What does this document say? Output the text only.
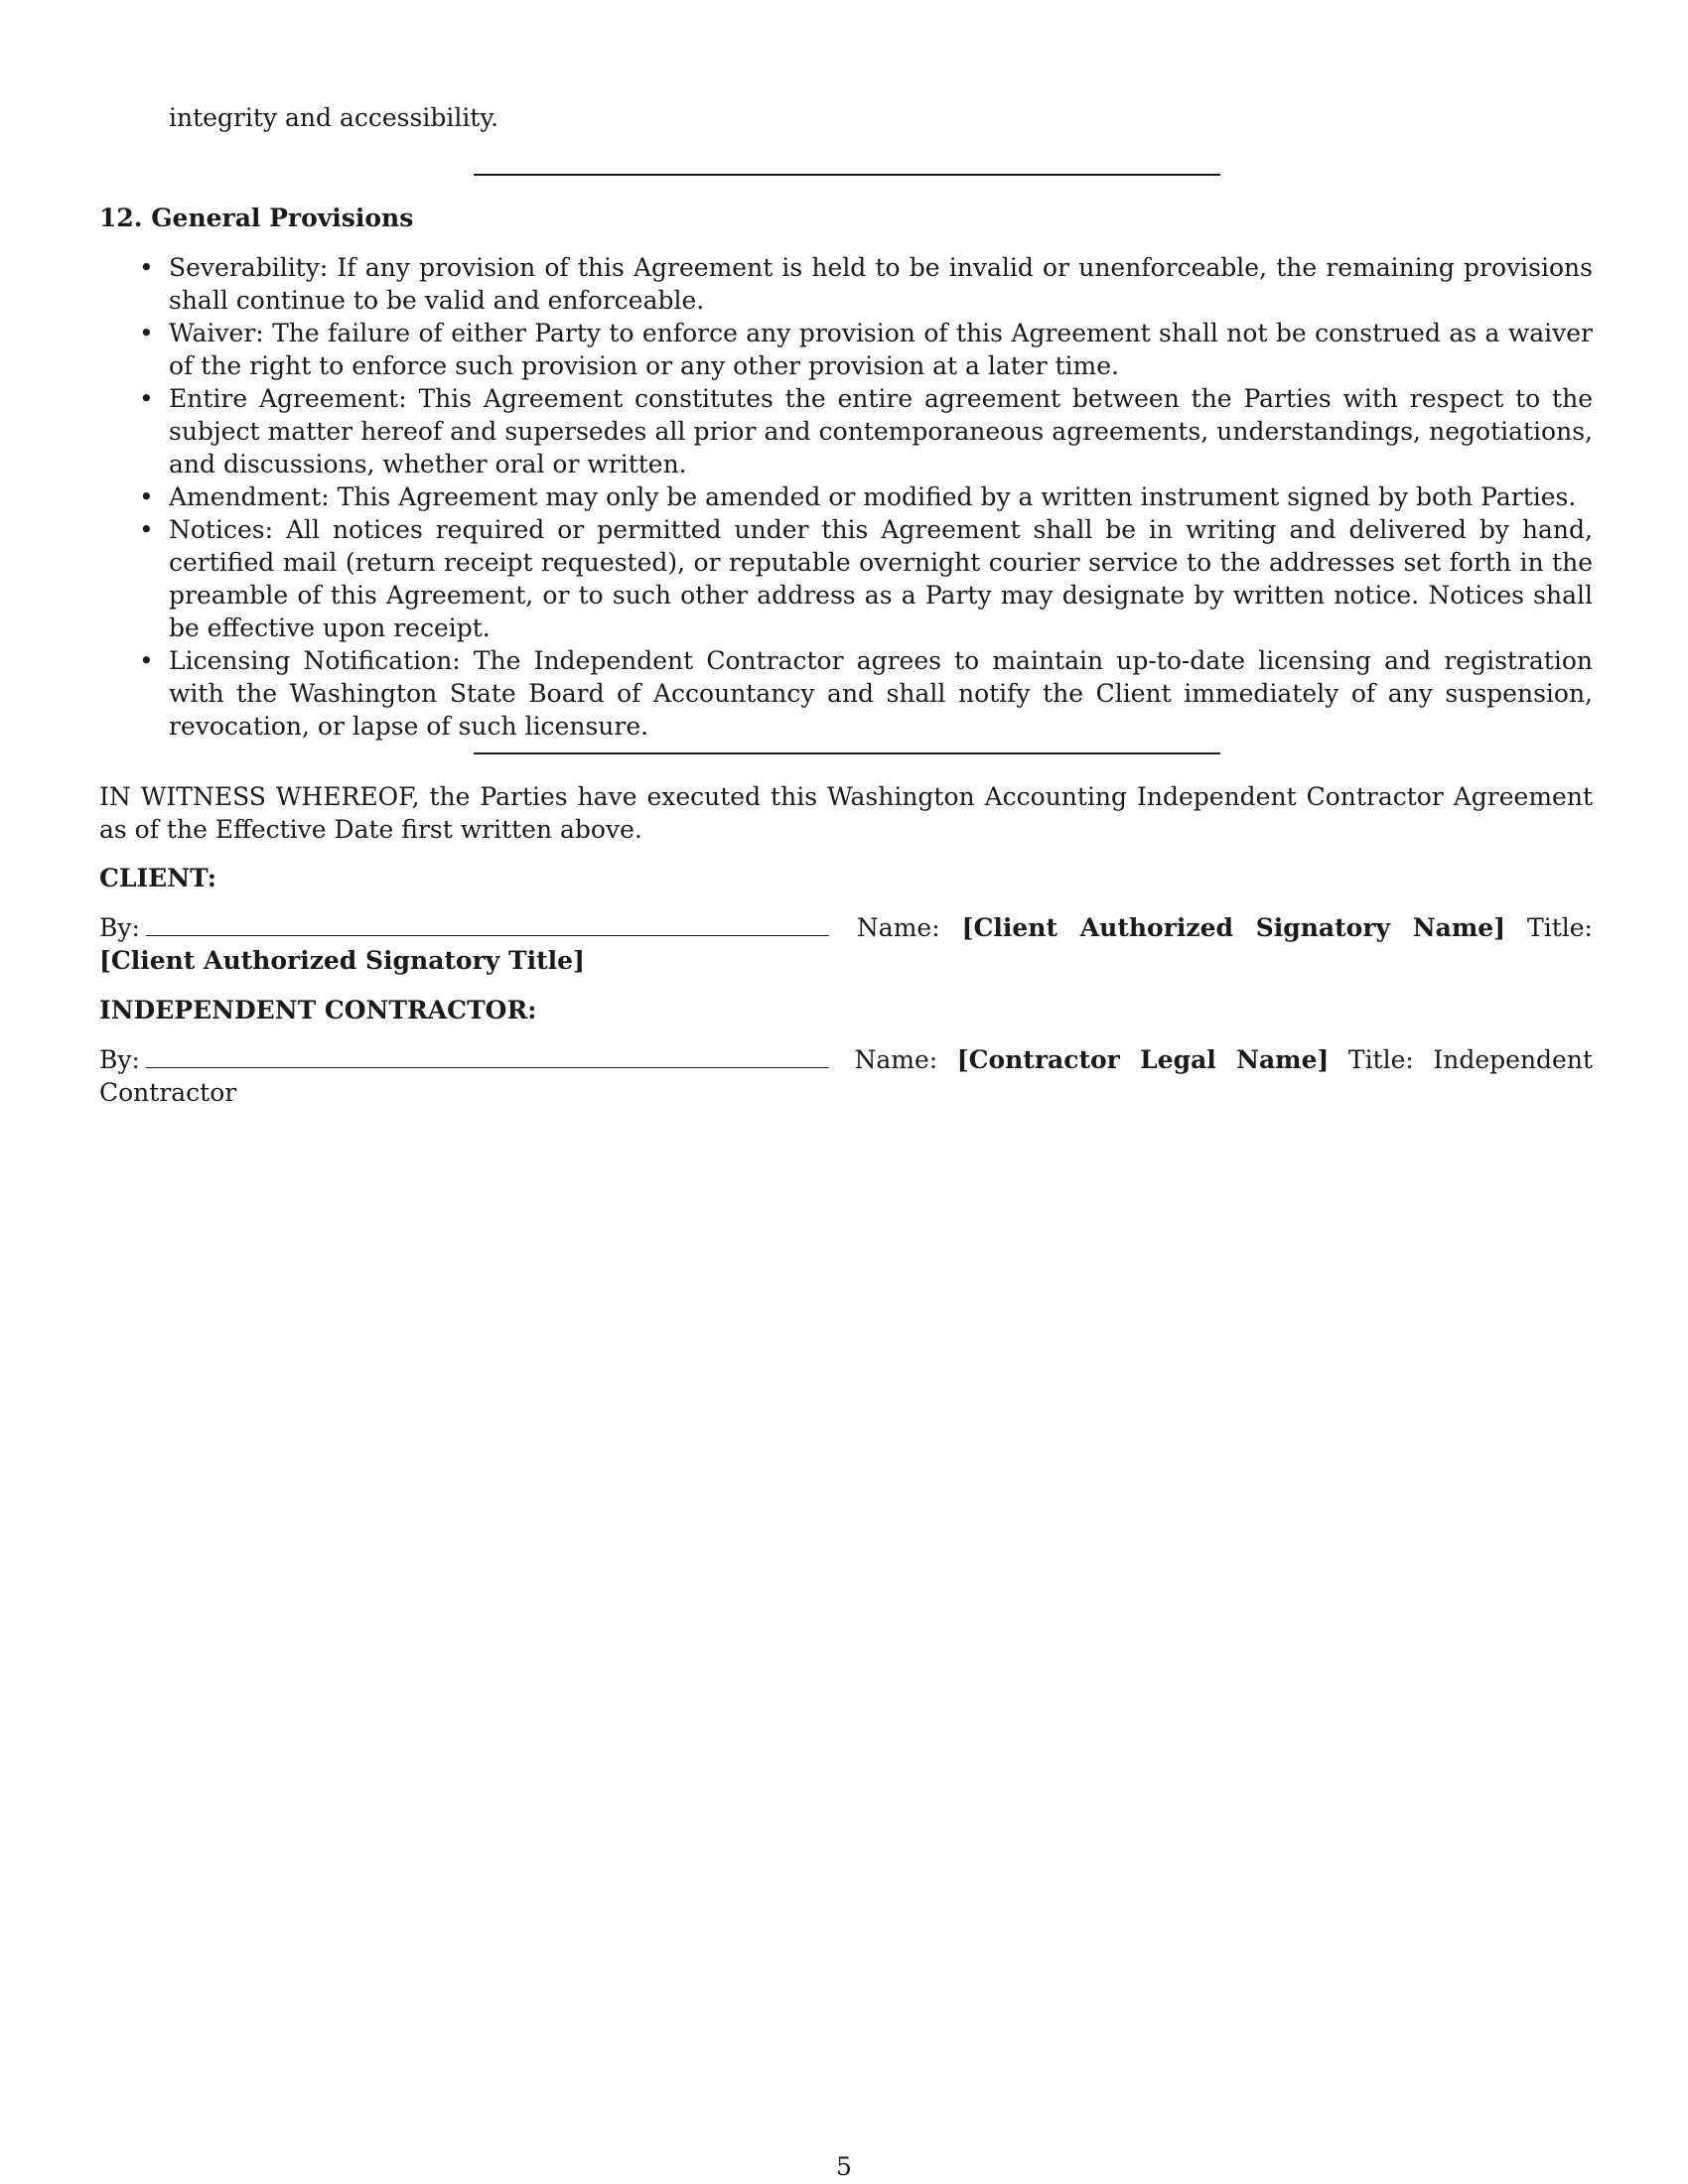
integrity and accessibility.

12. General Provisions
• Severability: If any provision of this Agreement is held to be invalid or unenforceable, the remaining provisions shall continue to be valid and enforceable.
• Waiver: The failure of either Party to enforce any provision of this Agreement shall not be construed as a waiver of the right to enforce such provision or any other provision at a later time.
• Entire Agreement: This Agreement constitutes the entire agreement between the Parties with respect to the subject matter hereof and supersedes all prior and contemporaneous agreements, understandings, negotiations, and discussions, whether oral or written.
• Amendment: This Agreement may only be amended or modified by a written instrument signed by both Parties.
• Notices: All notices required or permitted under this Agreement shall be in writing and delivered by hand, certified mail (return receipt requested), or reputable overnight courier service to the addresses set forth in the preamble of this Agreement, or to such other address as a Party may designate by written notice. Notices shall be effective upon receipt.
• Licensing Notification: The Independent Contractor agrees to maintain up-to-date licensing and registration with the Washington State Board of Accountancy and shall notify the Client immediately of any suspension, revocation, or lapse of such licensure.

IN WITNESS WHEREOF, the Parties have executed this Washington Accounting Independent Contractor Agreement as of the Effective Date first written above.

CLIENT:

By:	Name: [Client Authorized Signatory Name] Title: [Client Authorized Signatory Title]

INDEPENDENT CONTRACTOR:

By:	Name: [Contractor Legal Name] Title: Independent Contractor

5
